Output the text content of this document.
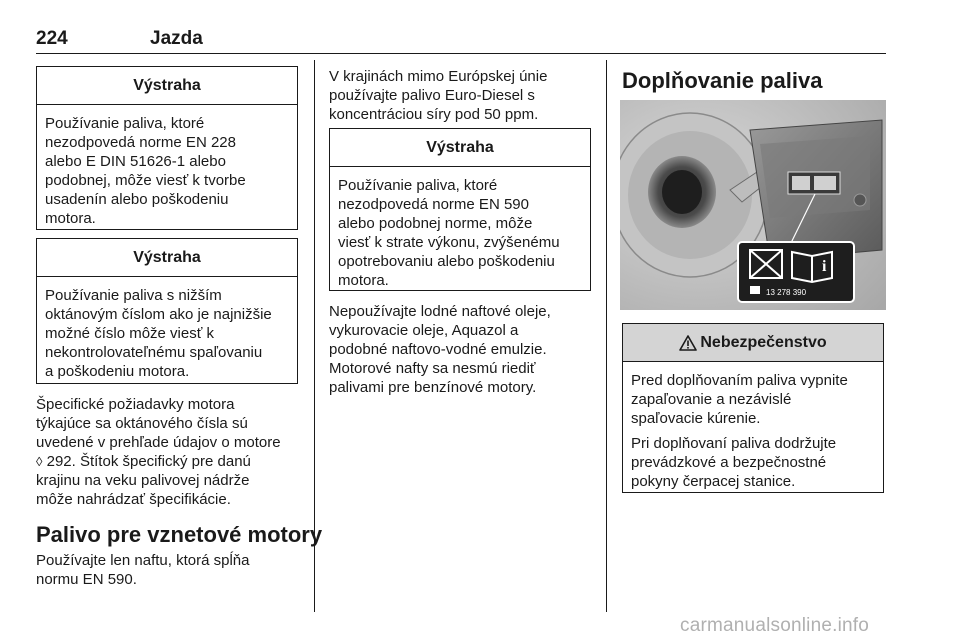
224	Jazda
Výstraha
Používanie paliva, ktoré
nezodpovedá norme EN 228
alebo E DIN 51626-1 alebo
podobnej, môže viesť k tvorbe
usadenín alebo poškodeniu
motora.
Výstraha
Používanie paliva s nižším
oktánovým číslom ako je najnižšie
možné číslo môže viesť k
nekontrolovateľnému spaľovaniu
a poškodeniu motora.
Špecifické požiadavky motora
týkajúce sa oktánového čísla sú
uvedené v prehľade údajov o motore
◊ 292. Štítok špecifický pre danú
krajinu na veku palivovej nádrže
môže nahrádzať špecifikácie.
Palivo pre vznetové motory
Používajte len naftu, ktorá spĺňa
normu EN 590.
V krajinách mimo Európskej únie
používajte palivo Euro-Diesel s
koncentráciou síry pod 50 ppm.
Výstraha
Používanie paliva, ktoré
nezodpovedá norme EN 590
alebo podobnej norme, môže
viesť k strate výkonu, zvýšenému
opotrebovaniu alebo poškodeniu
motora.
Nepoužívajte lodné naftové oleje,
vykurovacie oleje, Aquazol a
podobné naftovo-vodné emulzie.
Motorové nafty sa nesmú riediť
palivami pre benzínové motory.
Doplňovanie paliva
i
13 278 390
Nebezpečenstvo

Pred doplňovaním paliva vypnite
zapaľovanie a nezávislé
spaľovacie kúrenie.

Pri doplňovaní paliva dodržujte
prevádzkové a bezpečnostné
pokyny čerpacej stanice.

carmanualsonline.info
